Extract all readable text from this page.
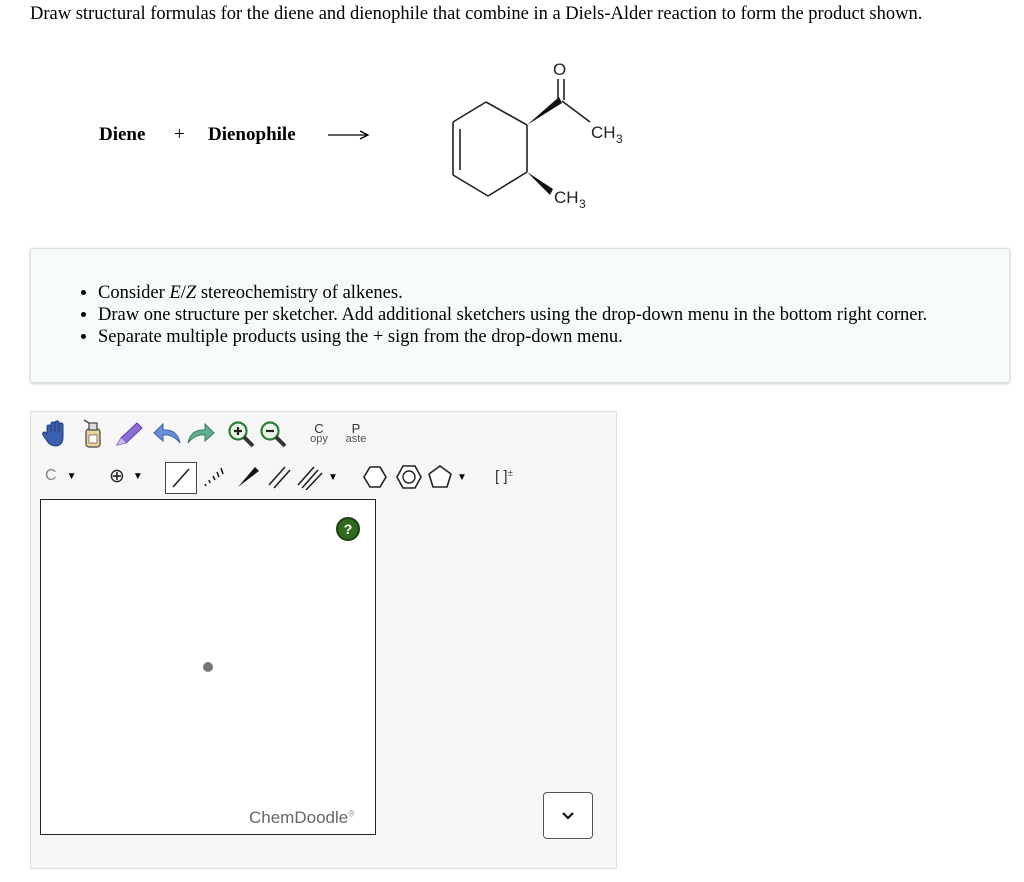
Draw structural formulas for the diene and dienophile that combine in a Diels-Alder reaction to form the product shown.
Diene + Dienophile
O
CH 3
CH 3
• Consider E/Z stereochemistry of alkenes.
• Draw one structure per sketcher. Add additional sketchers using the drop-down menu in the bottom right corner.
• Separate multiple products using the + sign from the drop-down menu.
C
opy
P
aste
C ▼ ⊕ ▼	▼	▼ [ ]±
?
ChemDoodle®
